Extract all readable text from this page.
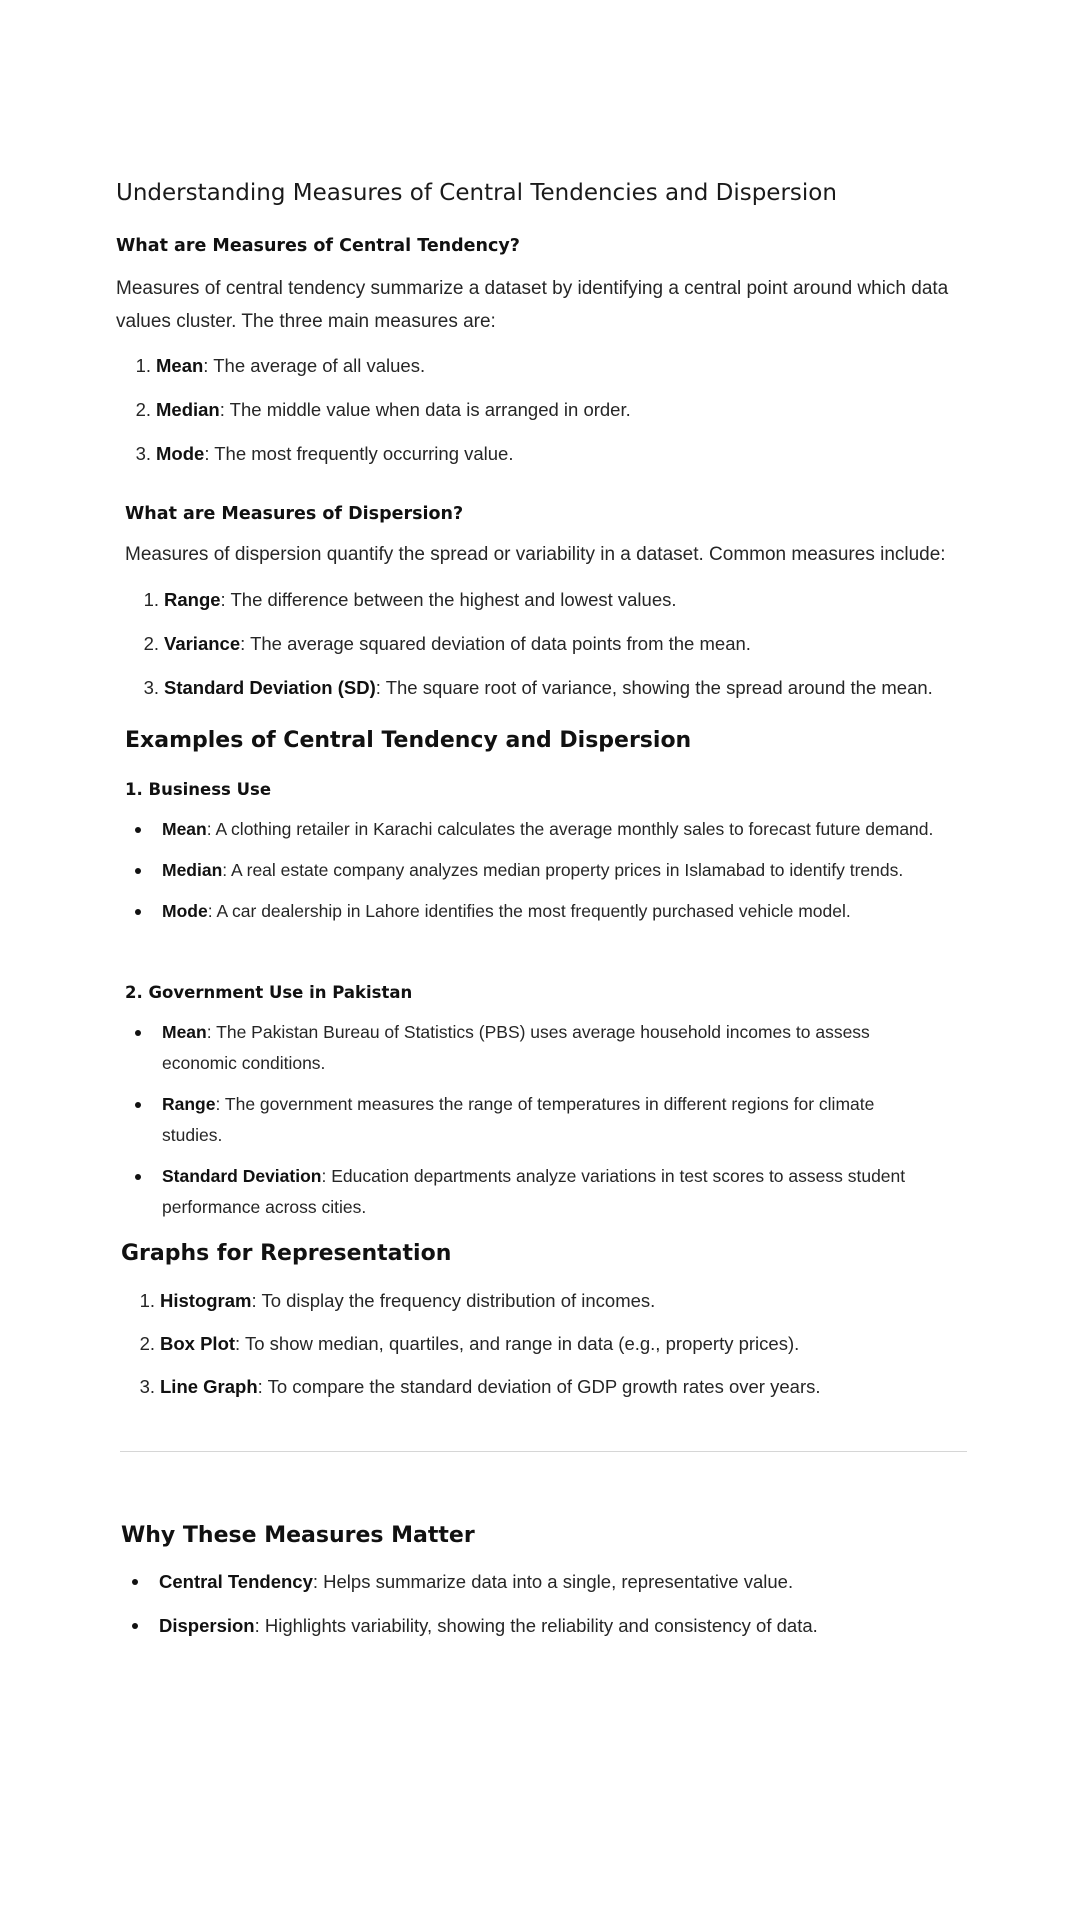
Understanding Measures of Central Tendencies and Dispersion
What are Measures of Central Tendency?

Measures of central tendency summarize a dataset by identifying a central point around which data values cluster. The three main measures are:

1. Mean: The average of all values.
2. Median: The middle value when data is arranged in order.
3. Mode: The most frequently occurring value.
What are Measures of Dispersion?

Measures of dispersion quantify the spread or variability in a dataset. Common measures include:

1. Range: The difference between the highest and lowest values.
2. Variance: The average squared deviation of data points from the mean.
3. Standard Deviation (SD): The square root of variance, showing the spread around the mean.
Examples of Central Tendency and Dispersion
1. Business Use
Mean: A clothing retailer in Karachi calculates the average monthly sales to forecast future demand.
Median: A real estate company analyzes median property prices in Islamabad to identify trends.
Mode: A car dealership in Lahore identifies the most frequently purchased vehicle model.
2. Government Use in Pakistan
Mean: The Pakistan Bureau of Statistics (PBS) uses average household incomes to assess economic conditions.
Range: The government measures the range of temperatures in different regions for climate studies.
Standard Deviation: Education departments analyze variations in test scores to assess student performance across cities.
Graphs for Representation
1. Histogram: To display the frequency distribution of incomes.
2. Box Plot: To show median, quartiles, and range in data (e.g., property prices).
3. Line Graph: To compare the standard deviation of GDP growth rates over years.
Why These Measures Matter
Central Tendency: Helps summarize data into a single, representative value.
Dispersion: Highlights variability, showing the reliability and consistency of data.
